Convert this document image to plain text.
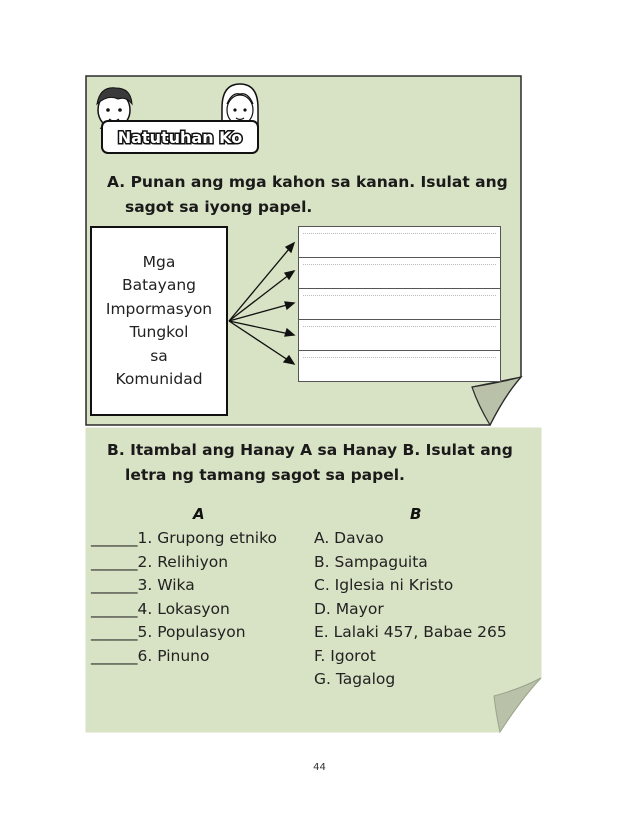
Natutuhan Ko
A. Punan ang mga kahon sa kanan. Isulat ang
sagot sa iyong papel.
Mga
Batayang
Impormasyon
Tungkol
sa
Komunidad
B. Itambal ang Hanay A sa Hanay B. Isulat ang
letra ng tamang sagot sa papel.
A	B
______1. Grupong etniko
______2. Relihiyon
______3. Wika
______4. Lokasyon
______5. Populasyon
______6. Pinuno
A. Davao
B. Sampaguita
C. Iglesia ni Kristo
D. Mayor
E. Lalaki 457, Babae 265
F. Igorot
G. Tagalog
44
